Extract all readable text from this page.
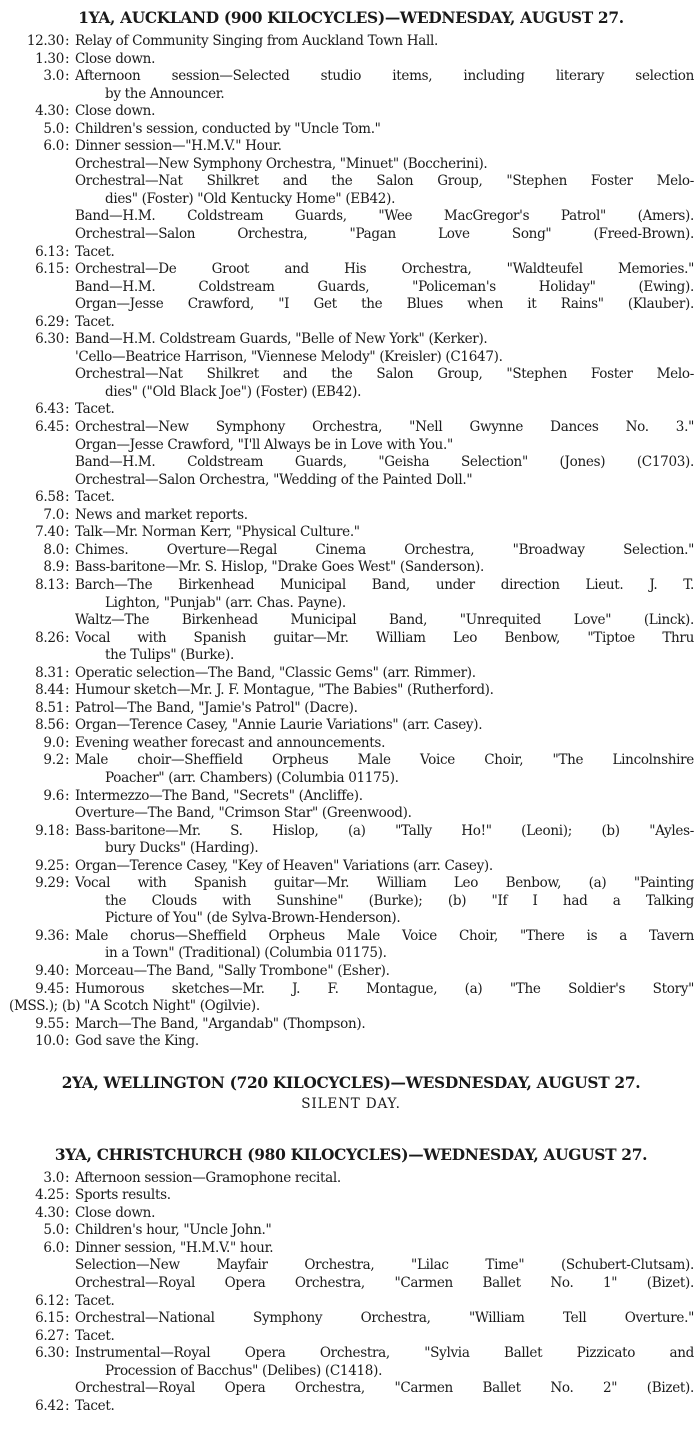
1YA, AUCKLAND (900 KILOCYCLES)—WEDNESDAY, AUGUST 27.
12.30 : Relay of Community Singing from Auckland Town Hall.
1.30 : Close down.
3.0 : Afternoon session—Selected studio items, including literary selection
by the Announcer.
4.30 : Close down.
5.0 : Children's session, conducted by "Uncle Tom."
6.0 : Dinner session—"H.M.V." Hour.
Orchestral—New Symphony Orchestra, "Minuet" (Boccherini).
Orchestral—Nat Shilkret and the Salon Group, "Stephen Foster Melo-
dies" (Foster) "Old Kentucky Home" (EB42).
Band—H.M. Coldstream Guards, "Wee MacGregor's Patrol" (Amers).
Orchestral—Salon Orchestra, "Pagan Love Song" (Freed-Brown).
6.13 : Tacet.
6.15 : Orchestral—De Groot and His Orchestra, "Waldteufel Memories."
Band—H.M. Coldstream Guards, "Policeman's Holiday" (Ewing).
Organ—Jesse Crawford, "I Get the Blues when it Rains" (Klauber).
6.29 : Tacet.
6.30 : Band—H.M. Coldstream Guards, "Belle of New York" (Kerker).
'Cello—Beatrice Harrison, "Viennese Melody" (Kreisler) (C1647).
Orchestral—Nat Shilkret and the Salon Group, "Stephen Foster Melo-
dies" ("Old Black Joe") (Foster) (EB42).
6.43 : Tacet.
6.45 : Orchestral—New Symphony Orchestra, "Nell Gwynne Dances No. 3."
Organ—Jesse Crawford, "I'll Always be in Love with You."
Band—H.M. Coldstream Guards, "Geisha Selection" (Jones) (C1703).
Orchestral—Salon Orchestra, "Wedding of the Painted Doll."
6.58 : Tacet.
7.0 : News and market reports.
7.40 : Talk—Mr. Norman Kerr, "Physical Culture."
8.0 : Chimes. Overture—Regal Cinema Orchestra, "Broadway Selection."
8.9 : Bass-baritone—Mr. S. Hislop, "Drake Goes West" (Sanderson).
8.13 : Barch—The Birkenhead Municipal Band, under direction Lieut. J. T.
Lighton, "Punjab" (arr. Chas. Payne).
Waltz—The Birkenhead Municipal Band, "Unrequited Love" (Linck).
8.26 : Vocal with Spanish guitar—Mr. William Leo Benbow, "Tiptoe Thru
the Tulips" (Burke).
8.31 : Operatic selection—The Band, "Classic Gems" (arr. Rimmer).
8.44 : Humour sketch—Mr. J. F. Montague, "The Babies" (Rutherford).
8.51 : Patrol—The Band, "Jamie's Patrol" (Dacre).
8.56 : Organ—Terence Casey, "Annie Laurie Variations" (arr. Casey).
9.0 : Evening weather forecast and announcements.
9.2 : Male choir—Sheffield Orpheus Male Voice Choir, "The Lincolnshire
Poacher" (arr. Chambers) (Columbia 01175).
9.6 : Intermezzo—The Band, "Secrets" (Ancliffe).
Overture—The Band, "Crimson Star" (Greenwood).
9.18 : Bass-baritone—Mr. S. Hislop, (a) "Tally Ho!" (Leoni); (b) "Ayles-
bury Ducks" (Harding).
9.25 : Organ—Terence Casey, "Key of Heaven" Variations (arr. Casey).
9.29 : Vocal with Spanish guitar—Mr. William Leo Benbow, (a) "Painting
the Clouds with Sunshine" (Burke); (b) "If I had a Talking
Picture of You" (de Sylva-Brown-Henderson).
9.36 : Male chorus—Sheffield Orpheus Male Voice Choir, "There is a Tavern
in a Town" (Traditional) (Columbia 01175).
9.40 : Morceau—The Band, "Sally Trombone" (Esher).
9.45 : Humorous sketches—Mr. J. F. Montague, (a) "The Soldier's Story"
(MSS.); (b) "A Scotch Night" (Ogilvie).
9.55 : March—The Band, "Argandab" (Thompson).
10.0 : God save the King.
2YA, WELLINGTON (720 KILOCYCLES)—WESDNESDAY, AUGUST 27.
SILENT DAY.
3YA, CHRISTCHURCH (980 KILOCYCLES)—WEDNESDAY, AUGUST 27.
3.0 : Afternoon session—Gramophone recital.
4.25 : Sports results.
4.30 : Close down.
5.0 : Children's hour, "Uncle John."
6.0 : Dinner session, "H.M.V." hour.
Selection—New Mayfair Orchestra, "Lilac Time" (Schubert-Clutsam).
Orchestral—Royal Opera Orchestra, "Carmen Ballet No. 1" (Bizet).
6.12 : Tacet.
6.15 : Orchestral—National Symphony Orchestra, "William Tell Overture."
6.27 : Tacet.
6.30 : Instrumental—Royal Opera Orchestra, "Sylvia Ballet Pizzicato and
Procession of Bacchus" (Delibes) (C1418).
Orchestral—Royal Opera Orchestra, "Carmen Ballet No. 2" (Bizet).
6.42 : Tacet.
